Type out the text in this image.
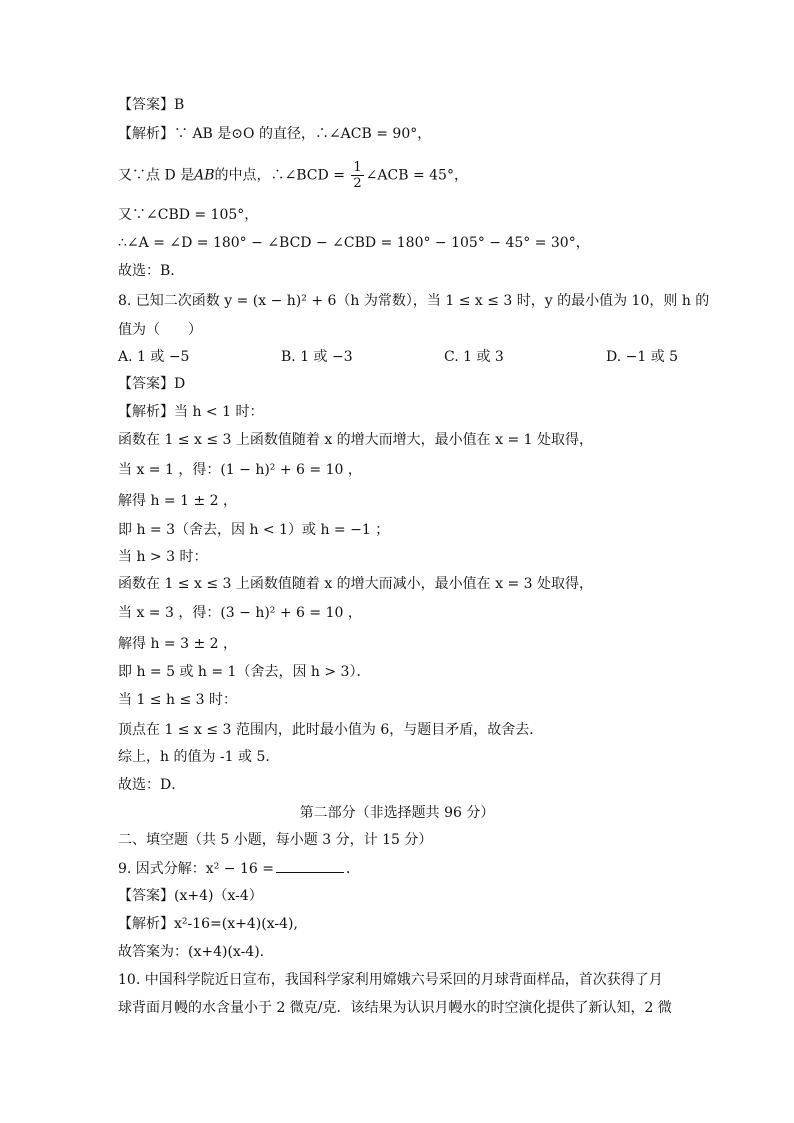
【答案】B
【解析】∵ AB 是⊙O 的直径，∴∠ACB = 90°，
又∵点 D 是AB的中点，∴∠BCD = $\frac{1}{2}$ ∠ACB = 45°，
又∵∠CBD = 105°，
∴∠A = ∠D = 180° − ∠BCD − ∠CBD = 180° − 105° − 45° = 30°，
故选：B．
8. 已知二次函数 y = (x − h)² + 6（h 为常数），当 1 ≤ x ≤ 3 时，y 的最小值为 10，则 h 的
值为（　　）
A. 1 或 −5	B. 1 或 −3	C. 1 或 3	D. −1 或 5
【答案】D
【解析】当 h < 1 时：
函数在 1 ≤ x ≤ 3 上函数值随着 x 的增大而增大，最小值在 x = 1 处取得，
当 x = 1 ，得：(1 − h)² + 6 = 10 ，
解得 h = 1 ± 2 ，
即 h = 3（舍去，因 h < 1）或 h = −1 ；
当 h > 3 时：
函数在 1 ≤ x ≤ 3 上函数值随着 x 的增大而减小，最小值在 x = 3 处取得，
当 x = 3 ，得：(3 − h)² + 6 = 10 ，
解得 h = 3 ± 2 ，
即 h = 5 或 h = 1（舍去，因 h > 3）．
当 1 ≤ h ≤ 3 时：
顶点在 1 ≤ x ≤ 3 范围内，此时最小值为 6，与题目矛盾，故舍去．
综上，h 的值为 -1 或 5．
故选：D．
第二部分（非选择题共 96 分）
二、填空题（共 5 小题，每小题 3 分，计 15 分）
9. 因式分解：x² − 16 =	．
【答案】(x+4)（x-4）
【解析】x²-16=(x+4)(x-4),
故答案为：(x+4)(x-4).
10. 中国科学院近日宣布，我国科学家利用嫦娥六号采回的月球背面样品，首次获得了月
球背面月幔的水含量小于 2 微克/克．该结果为认识月幔水的时空演化提供了新认知，2 微
